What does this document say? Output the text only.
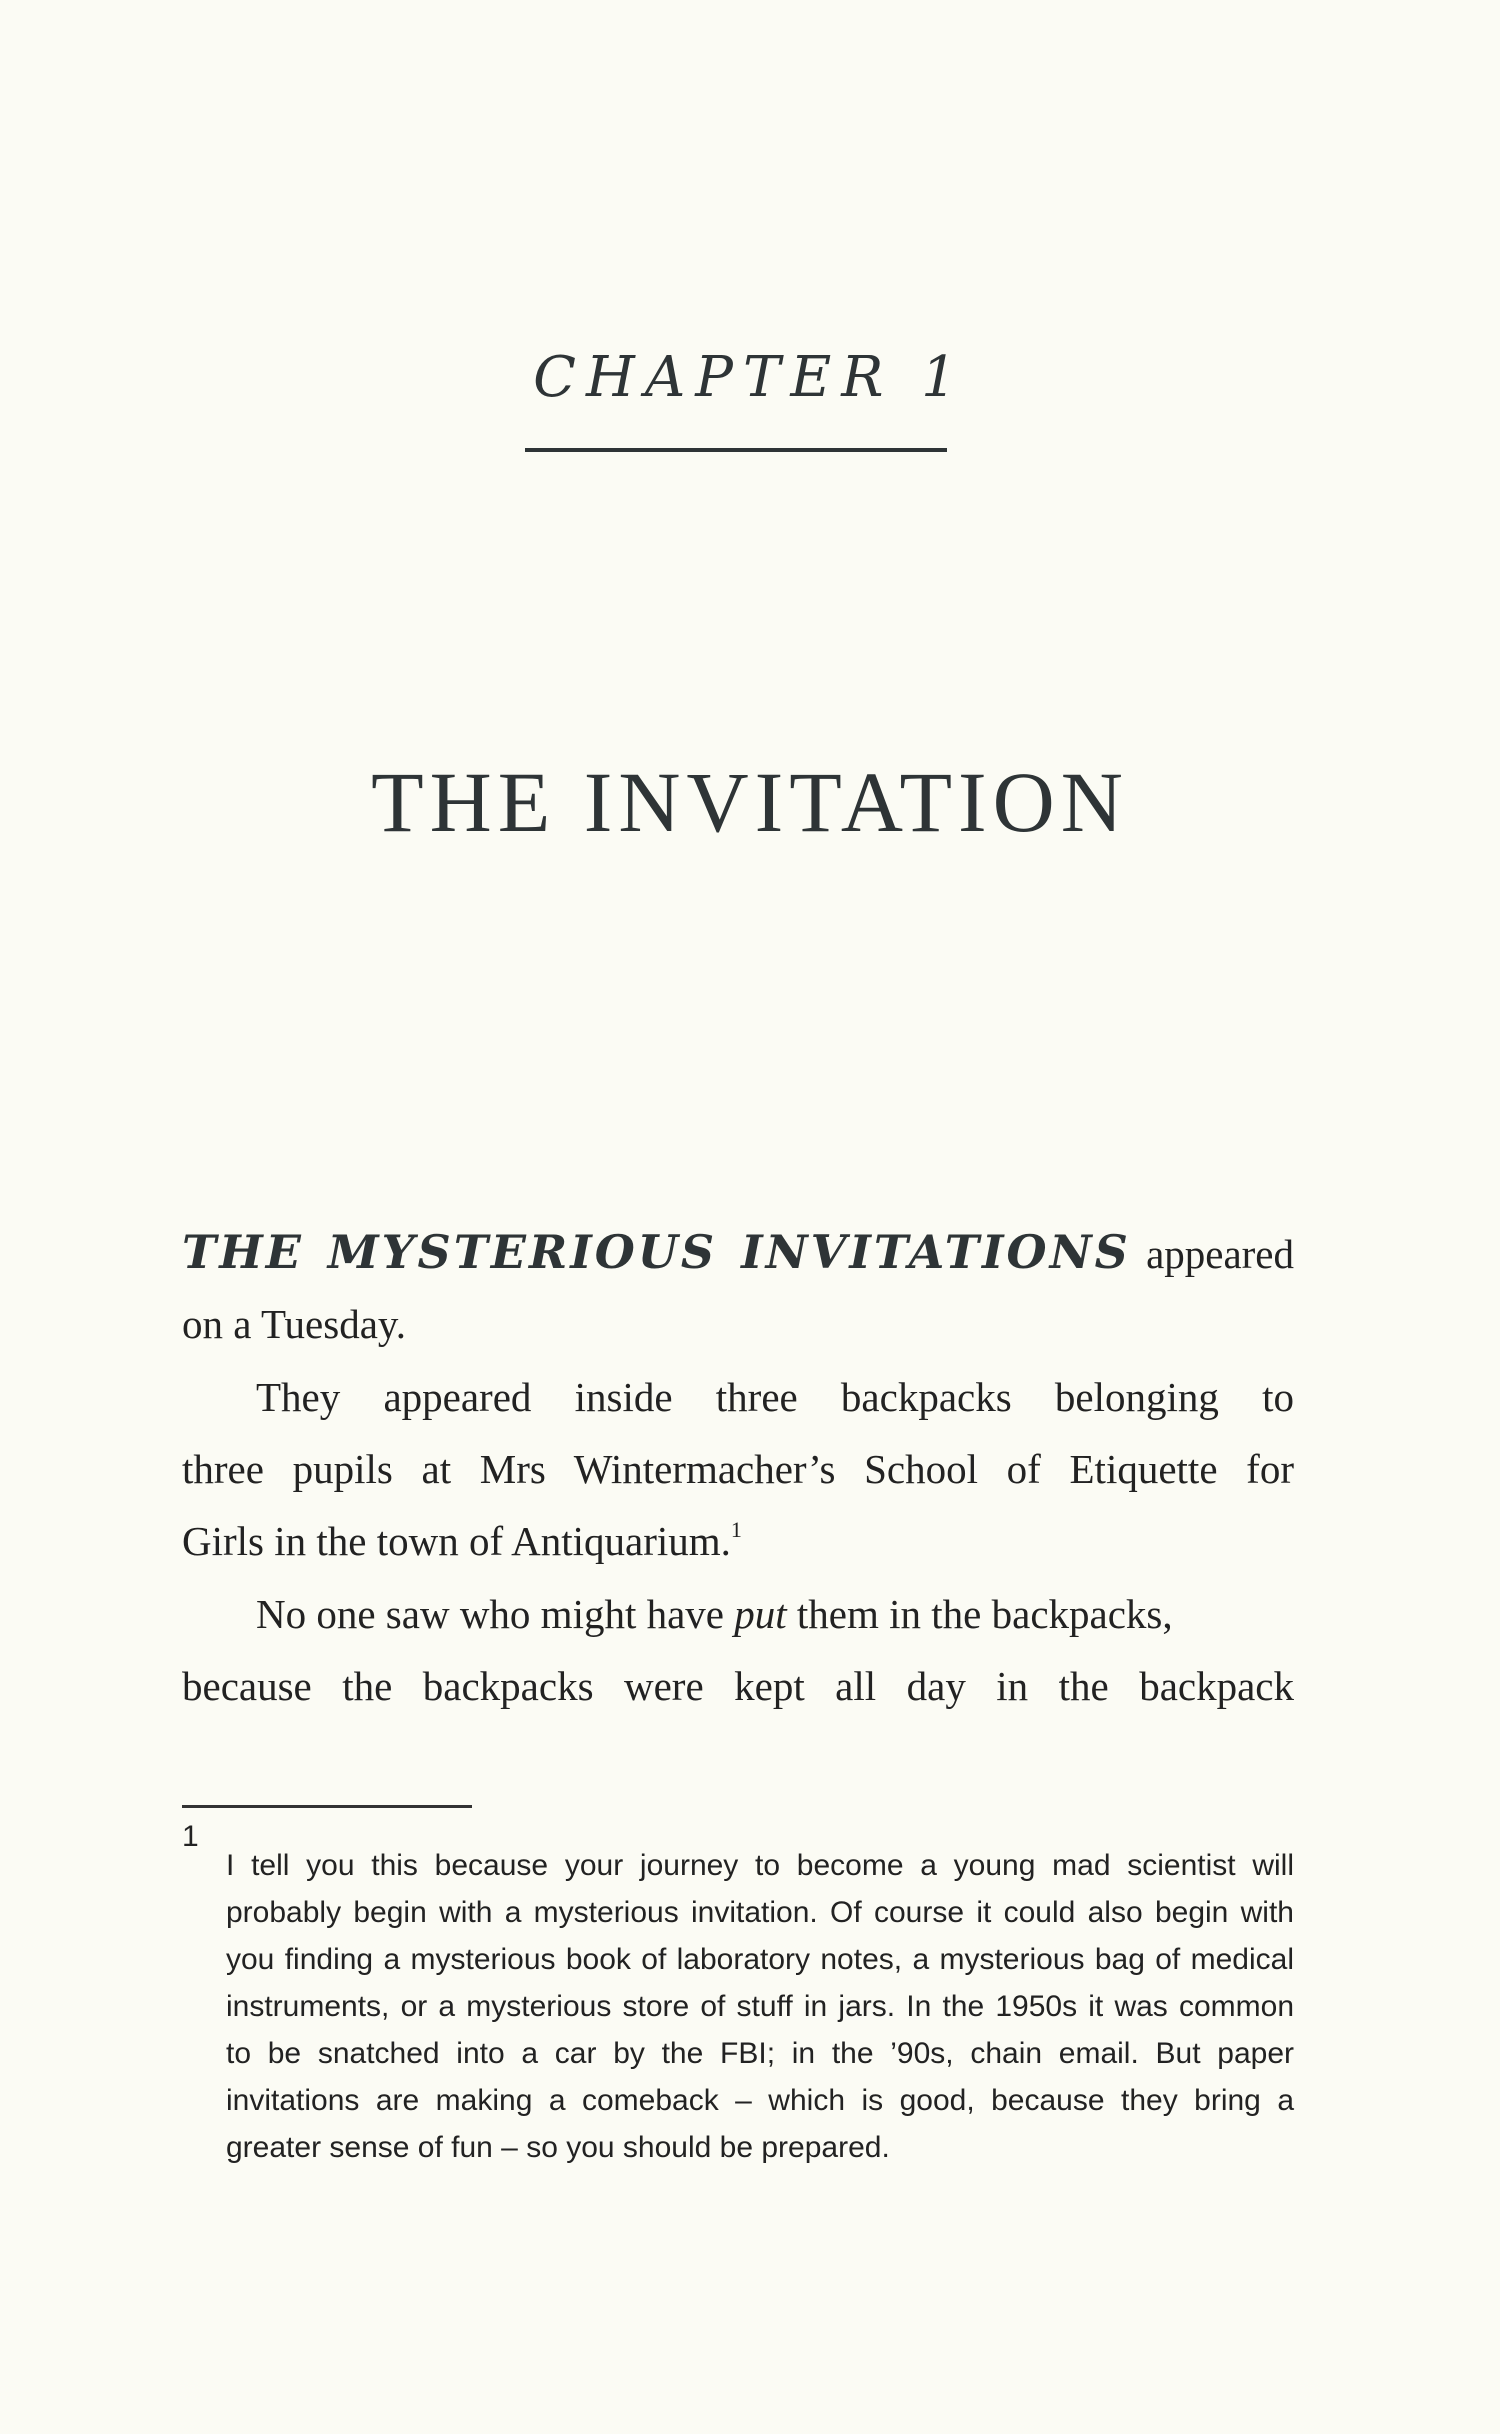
CHAPTER 1
THE INVITATION
THE MYSTERIOUS INVITATIONS appeared
on a Tuesday.
They appeared inside three backpacks belonging to
three pupils at Mrs Wintermacher’s School of Etiquette for
Girls in the town of Antiquarium.$^1$
No one saw who might have put them in the backpacks,
because the backpacks were kept all day in the backpack
1
I tell you this because your journey to become a young mad scientist will
probably begin with a mysterious invitation. Of course it could also begin with
you finding a mysterious book of laboratory notes, a mysterious bag of medical
instruments, or a mysterious store of stuff in jars. In the 1950s it was common
to be snatched into a car by the FBI; in the ’90s, chain email. But paper
invitations are making a comeback – which is good, because they bring a
greater sense of fun – so you should be prepared.
